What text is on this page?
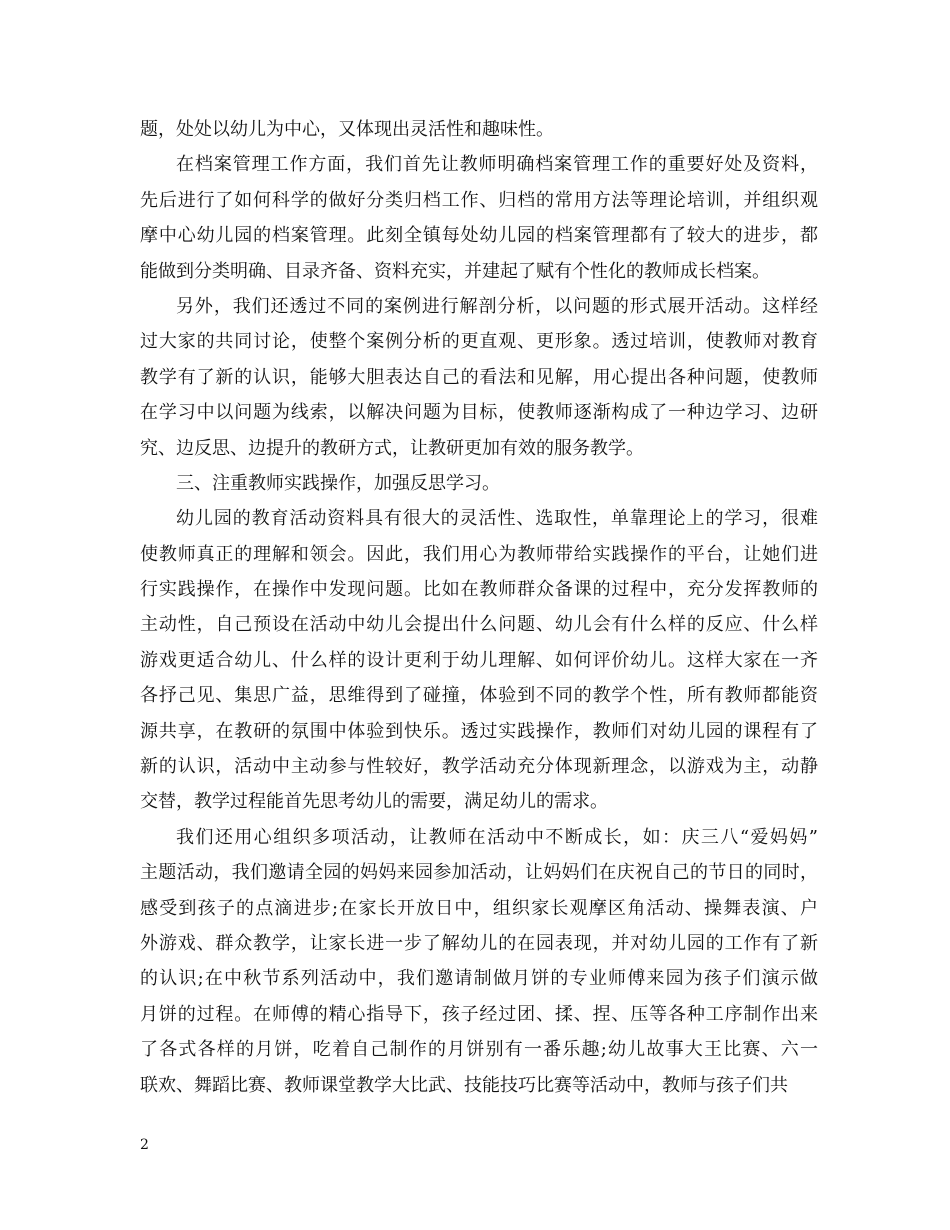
题，处处以幼儿为中心，又体现出灵活性和趣味性。
在档案管理工作方面，我们首先让教师明确档案管理工作的重要好处及资料，
先后进行了如何科学的做好分类归档工作、归档的常用方法等理论培训，并组织观
摩中心幼儿园的档案管理。此刻全镇每处幼儿园的档案管理都有了较大的进步，都
能做到分类明确、目录齐备、资料充实，并建起了赋有个性化的教师成长档案。
另外，我们还透过不同的案例进行解剖分析，以问题的形式展开活动。这样经
过大家的共同讨论，使整个案例分析的更直观、更形象。透过培训，使教师对教育
教学有了新的认识，能够大胆表达自己的看法和见解，用心提出各种问题，使教师
在学习中以问题为线索，以解决问题为目标，使教师逐渐构成了一种边学习、边研
究、边反思、边提升的教研方式，让教研更加有效的服务教学。
三、注重教师实践操作，加强反思学习。
幼儿园的教育活动资料具有很大的灵活性、选取性，单靠理论上的学习，很难
使教师真正的理解和领会。因此，我们用心为教师带给实践操作的平台，让她们进
行实践操作，在操作中发现问题。比如在教师群众备课的过程中，充分发挥教师的
主动性，自己预设在活动中幼儿会提出什么问题、幼儿会有什么样的反应、什么样
游戏更适合幼儿、什么样的设计更利于幼儿理解、如何评价幼儿。这样大家在一齐
各抒己见、集思广益，思维得到了碰撞，体验到不同的教学个性，所有教师都能资
源共享，在教研的氛围中体验到快乐。透过实践操作，教师们对幼儿园的课程有了
新的认识，活动中主动参与性较好，教学活动充分体现新理念，以游戏为主，动静
交替，教学过程能首先思考幼儿的需要，满足幼儿的需求。
我们还用心组织多项活动，让教师在活动中不断成长，如：庆三八“爱妈妈”
主题活动，我们邀请全园的妈妈来园参加活动，让妈妈们在庆祝自己的节日的同时，
感受到孩子的点滴进步;在家长开放日中，组织家长观摩区角活动、操舞表演、户
外游戏、群众教学，让家长进一步了解幼儿的在园表现，并对幼儿园的工作有了新
的认识;在中秋节系列活动中，我们邀请制做月饼的专业师傅来园为孩子们演示做
月饼的过程。在师傅的精心指导下，孩子经过团、揉、捏、压等各种工序制作出来
了各式各样的月饼，吃着自己制作的月饼别有一番乐趣;幼儿故事大王比赛、六一
联欢、舞蹈比赛、教师课堂教学大比武、技能技巧比赛等活动中，教师与孩子们共
2
